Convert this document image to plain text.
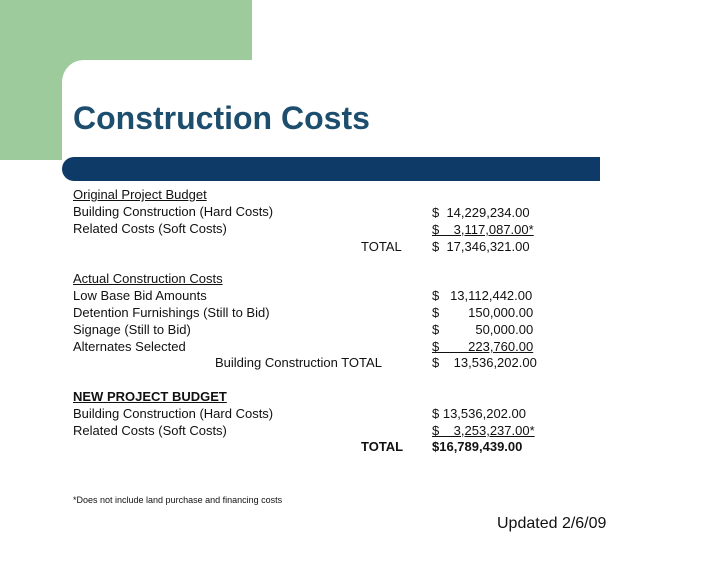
Construction Costs
Original Project Budget
Building Construction (Hard Costs)
Related Costs (Soft Costs)
TOTAL
$  14,229,234.00
$    3,117,087.00*
$  17,346,321.00
Actual Construction Costs
Low Base Bid Amounts
Detention Furnishings (Still to Bid)
Signage (Still to Bid)
Alternates Selected
Building Construction TOTAL
$   13,112,442.00
$        150,000.00
$          50,000.00
$        223,760.00
$    13,536,202.00
NEW PROJECT BUDGET
Building Construction (Hard Costs)
Related Costs (Soft Costs)
TOTAL
$ 13,536,202.00
$    3,253,237.00*
$16,789,439.00
*Does not include land purchase and financing costs
Updated 2/6/09
